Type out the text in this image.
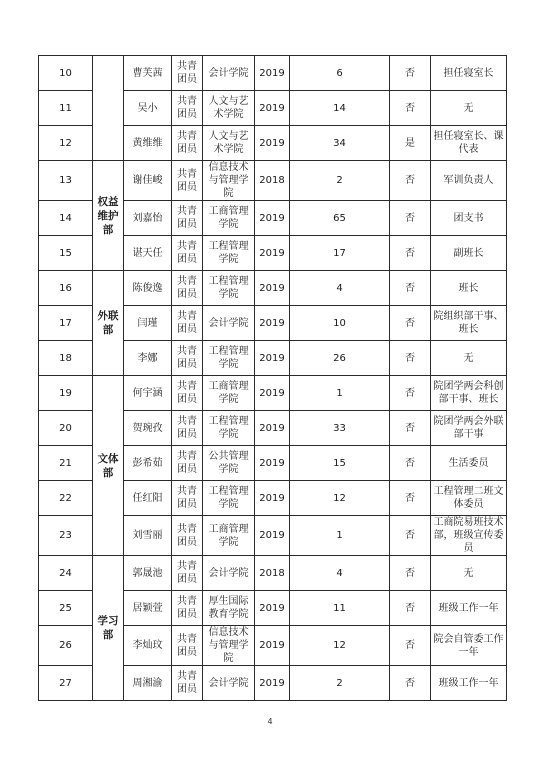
10		曹芙茜	共青团员	会计学院	2019	6	否	担任寝室长
11		吴小	共青团员	人文与艺术学院	2019	14	否	无
12		黄维维	共青团员	人文与艺术学院	2019	34	是	担任寝室长、课代表
13	权益维护部	谢佳峻	共青团员	信息技术与管理学院	2018	2	否	军训负责人
14		刘嘉怡	共青团员	工商管理学院	2019	65	否	团支书
15		谌天任	共青团员	工程管理学院	2019	17	否	副班长
16	外联部	陈俊逸	共青团员	工程管理学院	2019	4	否	班长
17		闫瑾	共青团员	会计学院	2019	10	否	院组织部干事、班长
18		李娜	共青团员	工程管理学院	2019	26	否	无
19	文体部	何宇涵	共青团员	工商管理学院	2019	1	否	院团学两会科创部干事、班长
20		贺琬孜	共青团员	工程管理学院	2019	33	否	院团学两会外联部干事
21		彭希茹	共青团员	公共管理学院	2019	15	否	生活委员
22		任红阳	共青团员	工程管理学院	2019	12	否	工程管理二班文体委员
23		刘雪丽	共青团员	工商管理学院	2019	1	否	工商院易班技术部，班级宣传委员
24	学习部	郭晟池	共青团员	会计学院	2018	4	否	无
25		居颖萱	共青团员	厚生国际教育学院	2019	11	否	班级工作一年
26		李灿玟	共青团员	信息技术与管理学院	2019	12	否	院会自管委工作一年
27		周湘渝	共青团员	会计学院	2019	2	否	班级工作一年
4
